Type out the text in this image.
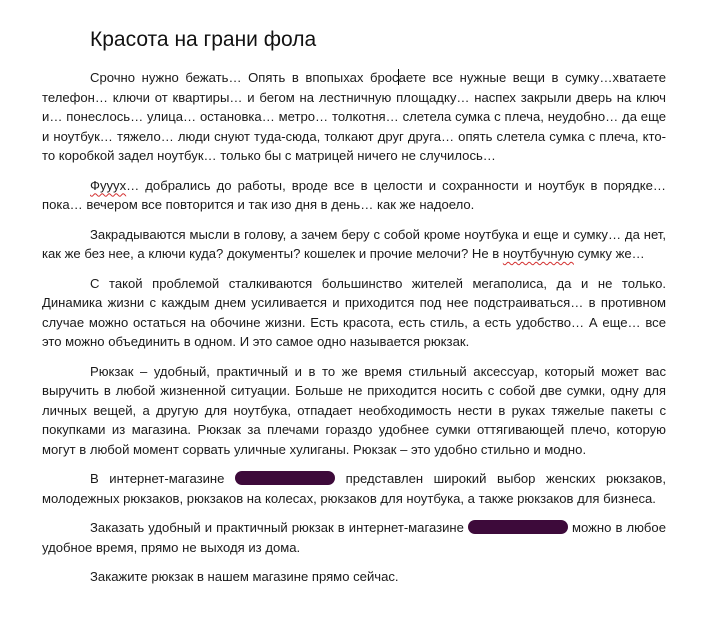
Красота на грани фола

Срочно нужно бежать… Опять в впопыхах бросаете все нужные вещи в сумку…хватаете телефон… ключи от квартиры… и бегом на лестничную площадку… наспех закрыли дверь на ключ и… понеслось… улица… остановка… метро… толкотня… слетела сумка с плеча, неудобно… да еще и ноутбук… тяжело… люди снуют туда-сюда, толкают друг друга… опять слетела сумка с плеча, кто-то коробкой задел ноутбук… только бы с матрицей ничего не случилось…

Фууух… добрались до работы, вроде все в целости и сохранности и ноутбук в порядке… пока… вечером все повторится и так изо дня в день… как же надоело.

Закрадываются мысли в голову, а зачем беру с собой кроме ноутбука и еще и сумку… да нет, как же без нее, а ключи куда? документы? кошелек и прочие мелочи? Не в ноутбучную сумку же…

С такой проблемой сталкиваются большинство жителей мегаполиса, да и не только. Динамика жизни с каждым днем усиливается и приходится под нее подстраиваться… в противном случае можно остаться на обочине жизни. Есть красота, есть стиль, а есть удобство… А еще… все это можно объединить в одном. И это самое одно называется рюкзак.

Рюкзак – удобный, практичный и в то же время стильный аксессуар, который может вас выручить в любой жизненной ситуации. Больше не приходится носить с собой две сумки, одну для личных вещей, а другую для ноутбука, отпадает необходимость нести в руках тяжелые пакеты с покупками из магазина. Рюкзак за плечами гораздо удобнее сумки оттягивающей плечо, которую могут в любой момент сорвать уличные хулиганы. Рюкзак – это удобно стильно и модно.

В интернет-магазине	представлен широкий выбор женских рюкзаков, молодежных рюкзаков, рюкзаков на колесах, рюкзаков для ноутбука, а также рюкзаков для бизнеса.

Заказать удобный и практичный рюкзак в интернет-магазине	можно в любое удобное время, прямо не выходя из дома.

Закажите рюкзак в нашем магазине прямо сейчас.
